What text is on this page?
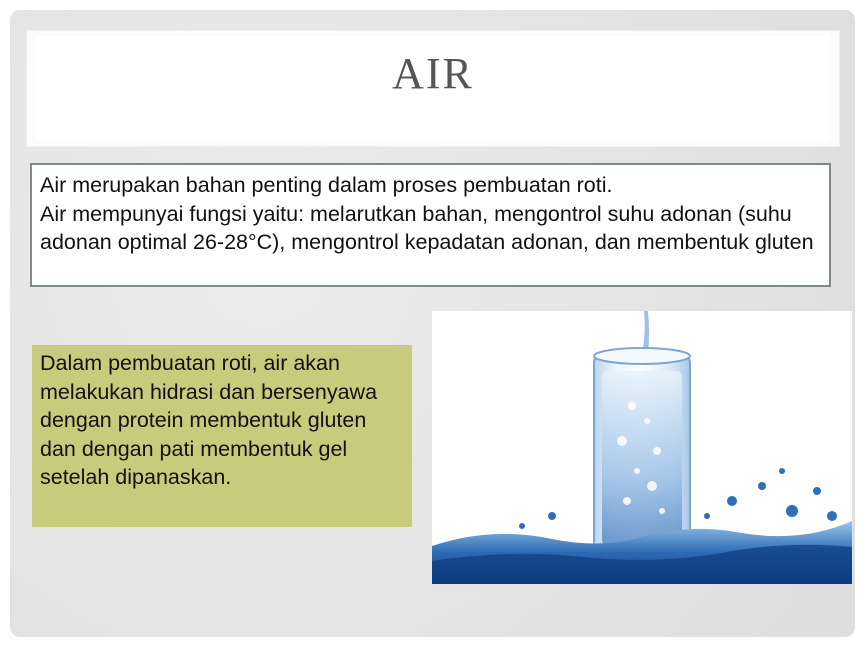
AIR

Air merupakan bahan penting dalam proses pembuatan roti.

Air mempunyai fungsi yaitu: melarutkan bahan, mengontrol suhu adonan (suhu adonan optimal 26-28°C), mengontrol kepadatan adonan, dan membentuk gluten

Dalam pembuatan roti, air akan melakukan hidrasi dan bersenyawa dengan protein membentuk gluten dan dengan pati membentuk gel setelah dipanaskan.
